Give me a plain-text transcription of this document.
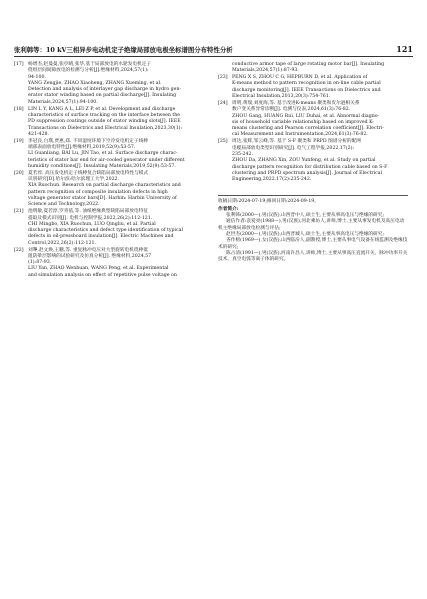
张利韩等：10 kV三相异步电动机定子绝缘局部放电极坐标谱图分布特性分析	121
[17] 杨增杰,赵曼曼,张亭晴,张华,基于局部放电的水轮发电机定子

绕组层间间隙放电的检测与分析[J].绝缘材料,2024,57(1):

94-100.

YANG Zengjie, ZHAO Xiaoheng, ZHANG Xueming, et al.

Detection and analysis of interlayer gap discharge in hydro gen-

erator stator winding based on partial discharge[J]. Insulating

Materials,2024,57(1):94-100.

[18] LIN L Y, KANG A L, LEI Z P, et al. Development and discharge

characteristics of surface tracking on the interface between the

PD suppression coatings outside of stator winding slots[J]. IEEE

Transactions on Dielectrics and Electrical Insulation,2023,30(1):

421-428.

[19] 李冠良,白璞,贾惠,郑. 不同湿度环境下空冷发电机定子线棒

端部表面放电特性[J].绝缘材料,2019,52(9):53-57.

LI Guanliang, BAI Lu, JIN Tao, et al. Surface discharge charac-

teristics of stator bar end for air-cooled generator under different

humidity conditions[J]. Insulating Materials,2019,52(9):53-57.

[20] 夏若淳. 高压发电机定子线棒复合缺陷局部放电特性与模式

识别研究[D].哈尔滨:哈尔滨理工大学,2022.

XIA Ruochun. Research on partial discharge characteristics and

pattern recognition of composite insulation defects in high

voltage generator stator bars[D]. Harbin: Harbin University of

Science and Technology,2022.

[21] 池明敏,夏若淳,罗青依,等. 油纸绝缘典型缺陷局部放电特征

提取及模式识别[J]. 电机与控制学报,2022,26(2):112-121.

CHI Mingbo, XIA Ruochun, LUO Qingliu, et al. Partial

discharge characteristics and defect type identification of typical

defects in oil-pressboard insulation[J]. Electric Machines and

Control,2022,26(2):112-121.

[22] 刘犟,赵文焕,王鹏,等. 重复脉冲电压对大型旋转电机绕棒低

阻防晕层影响的试验研究及仿真分析[J]. 绝缘材料,2024,57

(1):87-93.

LIU Yan, ZHAO Wenhuan, WANG Peng, et al. Experimental

and simulation analysis on effect of repetitive pulse voltage on

conductive armor tape of large rotating motor bar[J]. Insulating

Materials,2024,57(1):87-93.

[23] PENG X S, ZHOU C G, HEPBURN D, et al. Application of

K-means method to pattern recognition in on-line cable partial

discharge monitoring[J]. IEEE Transactions on Dielectrics and

Electrical Insulation,2013,20(3):754-761.

[24] 周明,黄瑞,刘度海,等. 基于改进K-means 聚类和皮尔逊相关系

数户变关系异常诊断[J]. 电测与仪表,2024,61(3):76-82.

ZHOU Gang, HUANG Rui, LIU Duhai, et al. Abnormal diagno-

sis of household variable relationship based on improved K-

means clustering and Pearson correlation coefficient[J]. Electri-

cal Measurement and Instrumentation,2024,61(3):76-82.

[25] 周达,张辉,邹云峰,等. 基于 S-F 聚类和 PRPD 图谱分析的配网

电缆局部放电类型识别研究[J]. 电气工程学报,2022,17(2):

235-242.

ZHOU Da, ZHANG Xin, ZOU Yunfeng, et al. Study on partial

discharge pattern recognition for distribution cable based on S-F

clustering and PRPD spectrum analysis[J]. Journal of Electrical

Engineering,2022,17(2):235-242.

收稿日期:2024-07-19;修回日期:2024-09-19。

作者简介:

张利韩(2000—),男(汉族),山西晋中人,硕士生,主要从事高电压与绝缘的研究;

通信作者:袁爱亮(1988—),男(汉族),河北乘坊人,讲师,博士,主要从事发电机及高压电动机主绝缘局部放电检测与评估;

赵世杰(2000—),男(汉族),山西晋城人,硕士生,主要从事高电压与绝缘的研究;

吝作榜(1969—),女(汉族),山西临汾人,副教授,博士,主要从事电气设备在线监测及绝缘技术的研究;

陈占清(1991—),男(汉族),河南许昌人,讲师,博士,主要从事高压直流开关、脉冲功率开关技术、真空电弧等离子体的研究。
